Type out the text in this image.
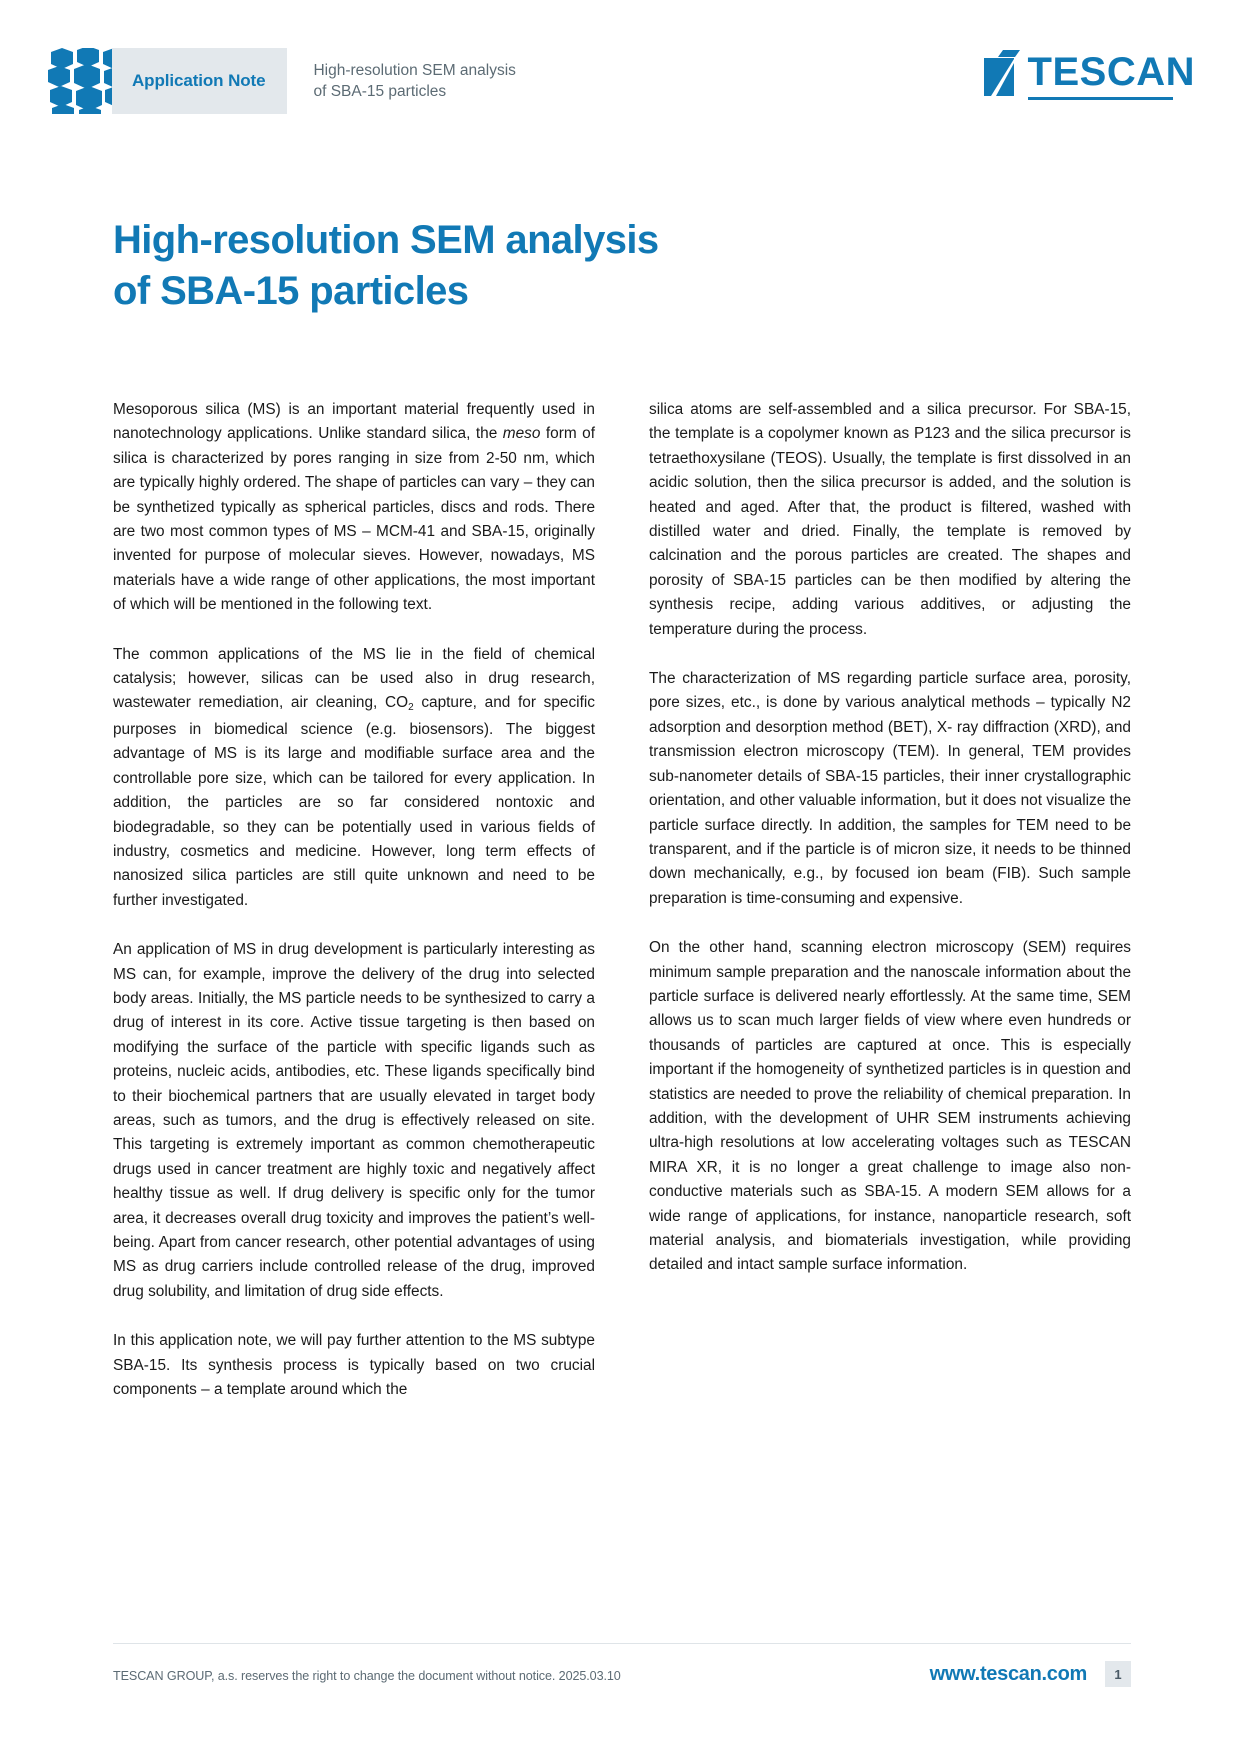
Application Note
High-resolution SEM analysis
of SBA-15 particles	TESCAN
High-resolution SEM analysis
of SBA-15 particles

Mesoporous silica (MS) is an important material frequently used in nanotechnology applications. Unlike standard silica, the meso form of silica is characterized by pores ranging in size from 2-50 nm, which are typically highly ordered. The shape of particles can vary – they can be synthetized typically as spherical particles, discs and rods. There are two most common types of MS – MCM-41 and SBA-15, originally invented for purpose of molecular sieves. However, nowadays, MS materials have a wide range of other applications, the most important of which will be mentioned in the following text.

The common applications of the MS lie in the field of chemical catalysis; however, silicas can be used also in drug research, wastewater remediation, air cleaning, $CO_2$ capture, and for specific purposes in biomedical science (e.g. biosensors). The biggest advantage of MS is its large and modifiable surface area and the controllable pore size, which can be tailored for every application. In addition, the particles are so far considered nontoxic and biodegradable, so they can be potentially used in various fields of industry, cosmetics and medicine. However, long term effects of nanosized silica particles are still quite unknown and need to be further investigated.

An application of MS in drug development is particularly interesting as MS can, for example, improve the delivery of the drug into selected body areas. Initially, the MS particle needs to be synthesized to carry a drug of interest in its core. Active tissue targeting is then based on modifying the surface of the particle with specific ligands such as proteins, nucleic acids, antibodies, etc. These ligands specifically bind to their biochemical partners that are usually elevated in target body areas, such as tumors, and the drug is effectively released on site. This targeting is extremely important as common chemotherapeutic drugs used in cancer treatment are highly toxic and negatively affect healthy tissue as well. If drug delivery is specific only for the tumor area, it decreases overall drug toxicity and improves the patient’s well-being. Apart from cancer research, other potential advantages of using MS as drug carriers include controlled release of the drug, improved drug solubility, and limitation of drug side effects.

In this application note, we will pay further attention to the MS subtype SBA-15. Its synthesis process is typically based on two crucial components – a template around which the

silica atoms are self-assembled and a silica precursor. For SBA-15, the template is a copolymer known as P123 and the silica precursor is tetraethoxysilane (TEOS). Usually, the template is first dissolved in an acidic solution, then the silica precursor is added, and the solution is heated and aged. After that, the product is filtered, washed with distilled water and dried. Finally, the template is removed by calcination and the porous particles are created. The shapes and porosity of SBA-15 particles can be then modified by altering the synthesis recipe, adding various additives, or adjusting the temperature during the process.

The characterization of MS regarding particle surface area, porosity, pore sizes, etc., is done by various analytical methods – typically N2 adsorption and desorption method (BET), X- ray diffraction (XRD), and transmission electron microscopy (TEM). In general, TEM provides sub-nanometer details of SBA-15 particles, their inner crystallographic orientation, and other valuable information, but it does not visualize the particle surface directly. In addition, the samples for TEM need to be transparent, and if the particle is of micron size, it needs to be thinned down mechanically, e.g., by focused ion beam (FIB). Such sample preparation is time-consuming and expensive.

On the other hand, scanning electron microscopy (SEM) requires minimum sample preparation and the nanoscale information about the particle surface is delivered nearly effortlessly. At the same time, SEM allows us to scan much larger fields of view where even hundreds or thousands of particles are captured at once. This is especially important if the homogeneity of synthetized particles is in question and statistics are needed to prove the reliability of chemical preparation. In addition, with the development of UHR SEM instruments achieving ultra-high resolutions at low accelerating voltages such as TESCAN MIRA XR, it is no longer a great challenge to image also non-conductive materials such as SBA-15. A modern SEM allows for a wide range of applications, for instance, nanoparticle research, soft material analysis, and biomaterials investigation, while providing detailed and intact sample surface information.

TESCAN GROUP, a.s. reserves the right to change the document without notice. 2025.03.10	www.tescan.com	1
